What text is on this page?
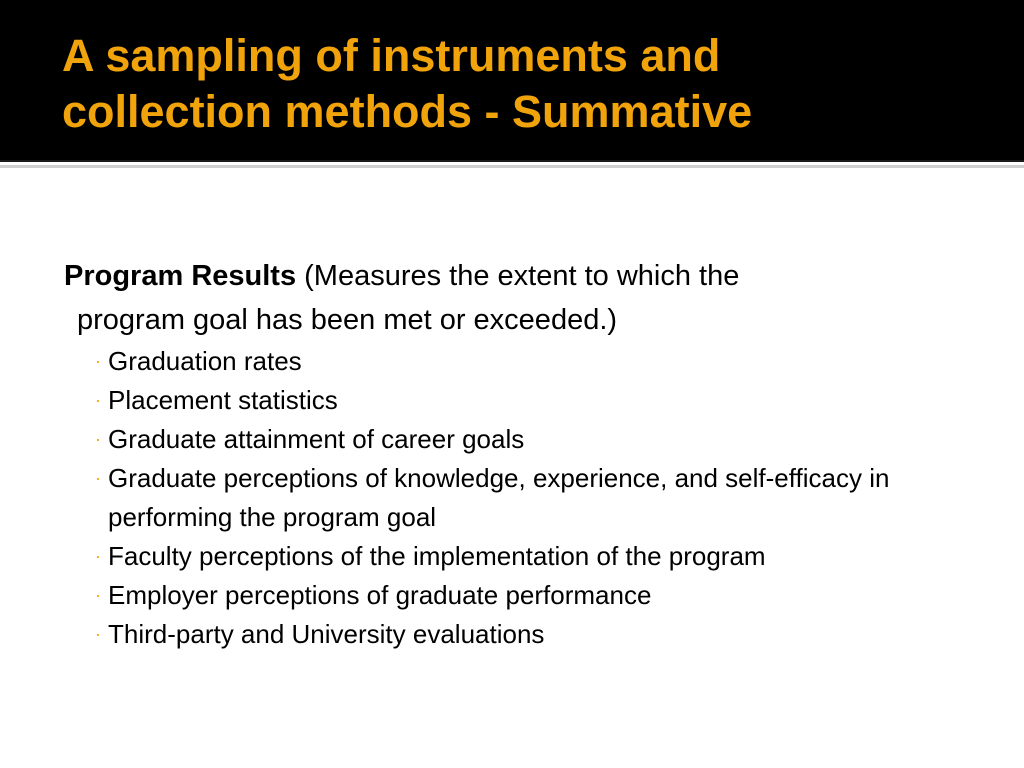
A sampling of instruments and
collection methods - Summative

Program Results (Measures the extent to which the
program goal has been met or exceeded.)

· Graduation rates
· Placement statistics
· Graduate attainment of career goals
· Graduate perceptions of knowledge, experience, and self-efficacy in performing the program goal
· Faculty perceptions of the implementation of the program
· Employer perceptions of graduate performance
· Third-party and University evaluations
